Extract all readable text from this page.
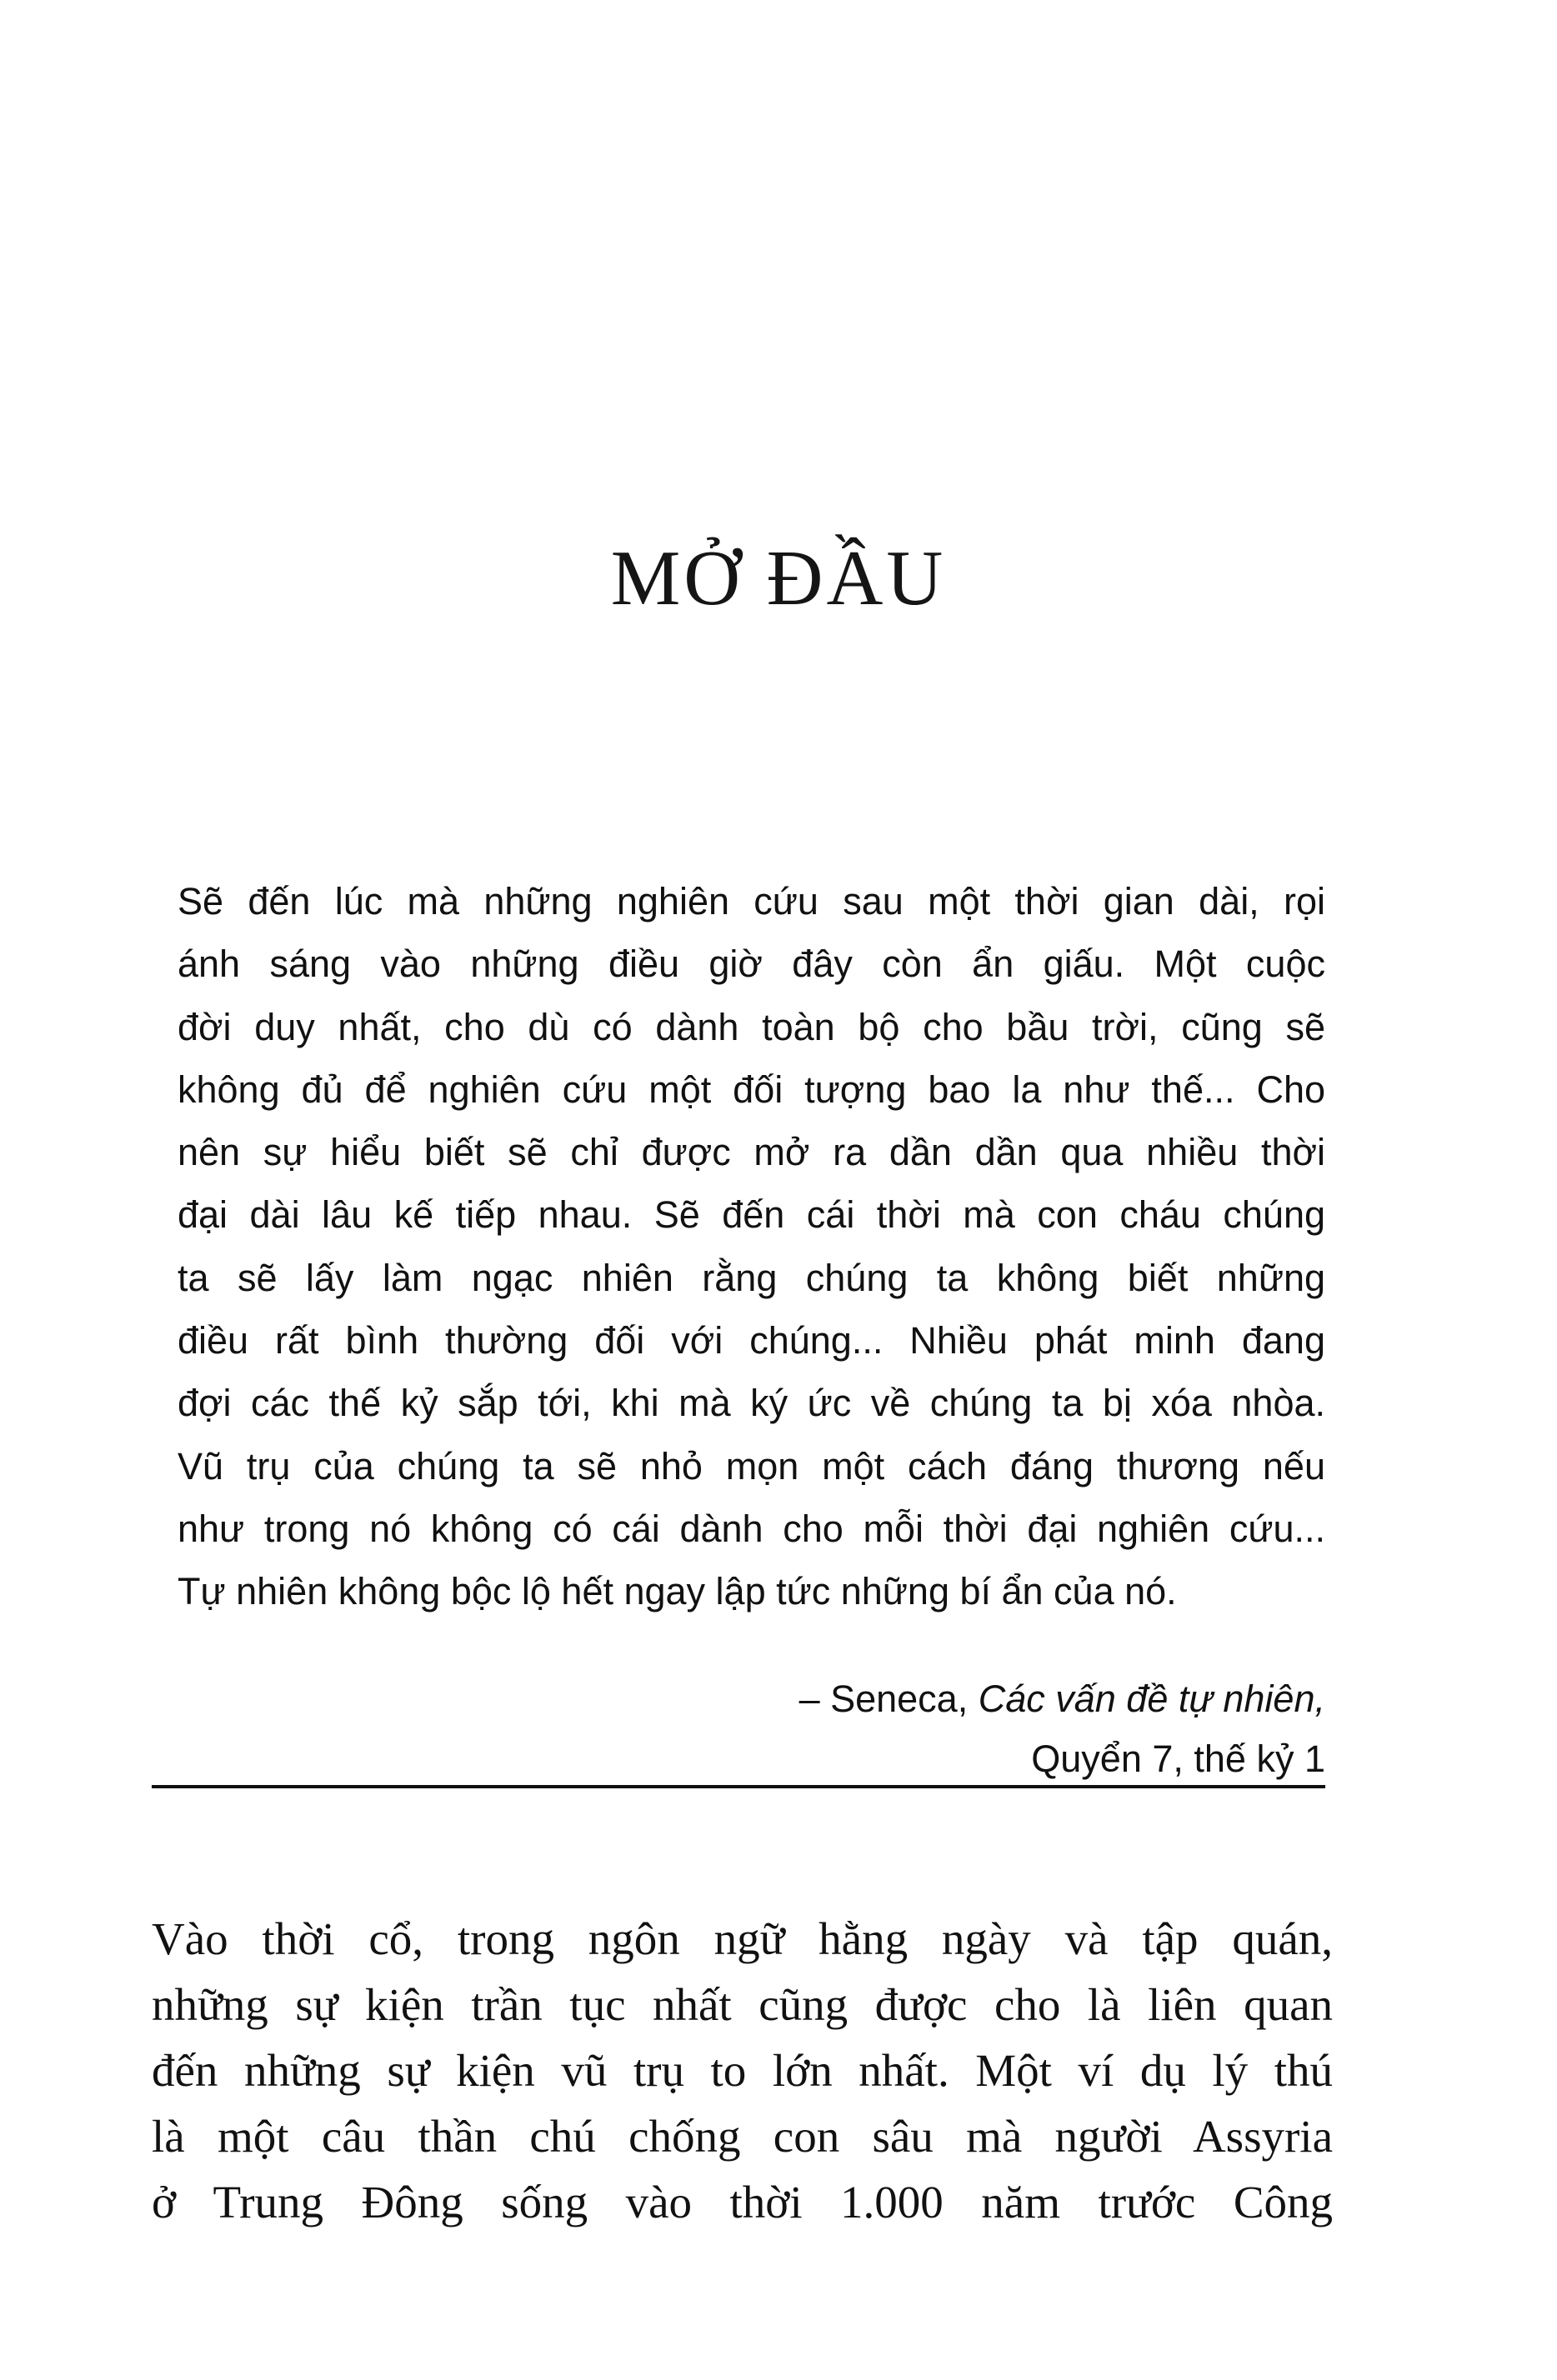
MỞ ĐẦU
Sẽ đến lúc mà những nghiên cứu sau một thời gian dài, rọi
ánh sáng vào những điều giờ đây còn ẩn giấu. Một cuộc
đời duy nhất, cho dù có dành toàn bộ cho bầu trời, cũng sẽ
không đủ để nghiên cứu một đối tượng bao la như thế... Cho
nên sự hiểu biết sẽ chỉ được mở ra dần dần qua nhiều thời
đại dài lâu kế tiếp nhau. Sẽ đến cái thời mà con cháu chúng
ta sẽ lấy làm ngạc nhiên rằng chúng ta không biết những
điều rất bình thường đối với chúng... Nhiều phát minh đang
đợi các thế kỷ sắp tới, khi mà ký ức về chúng ta bị xóa nhòa.
Vũ trụ của chúng ta sẽ nhỏ mọn một cách đáng thương nếu
như trong nó không có cái dành cho mỗi thời đại nghiên cứu...
Tự nhiên không bộc lộ hết ngay lập tức những bí ẩn của nó.
– Seneca, Các vấn đề tự nhiên,
Quyển 7, thế kỷ 1
Vào thời cổ, trong ngôn ngữ hằng ngày và tập quán,
những sự kiện trần tục nhất cũng được cho là liên quan
đến những sự kiện vũ trụ to lớn nhất. Một ví dụ lý thú
là một câu thần chú chống con sâu mà người Assyria
ở Trung Đông sống vào thời 1.000 năm trước Công
